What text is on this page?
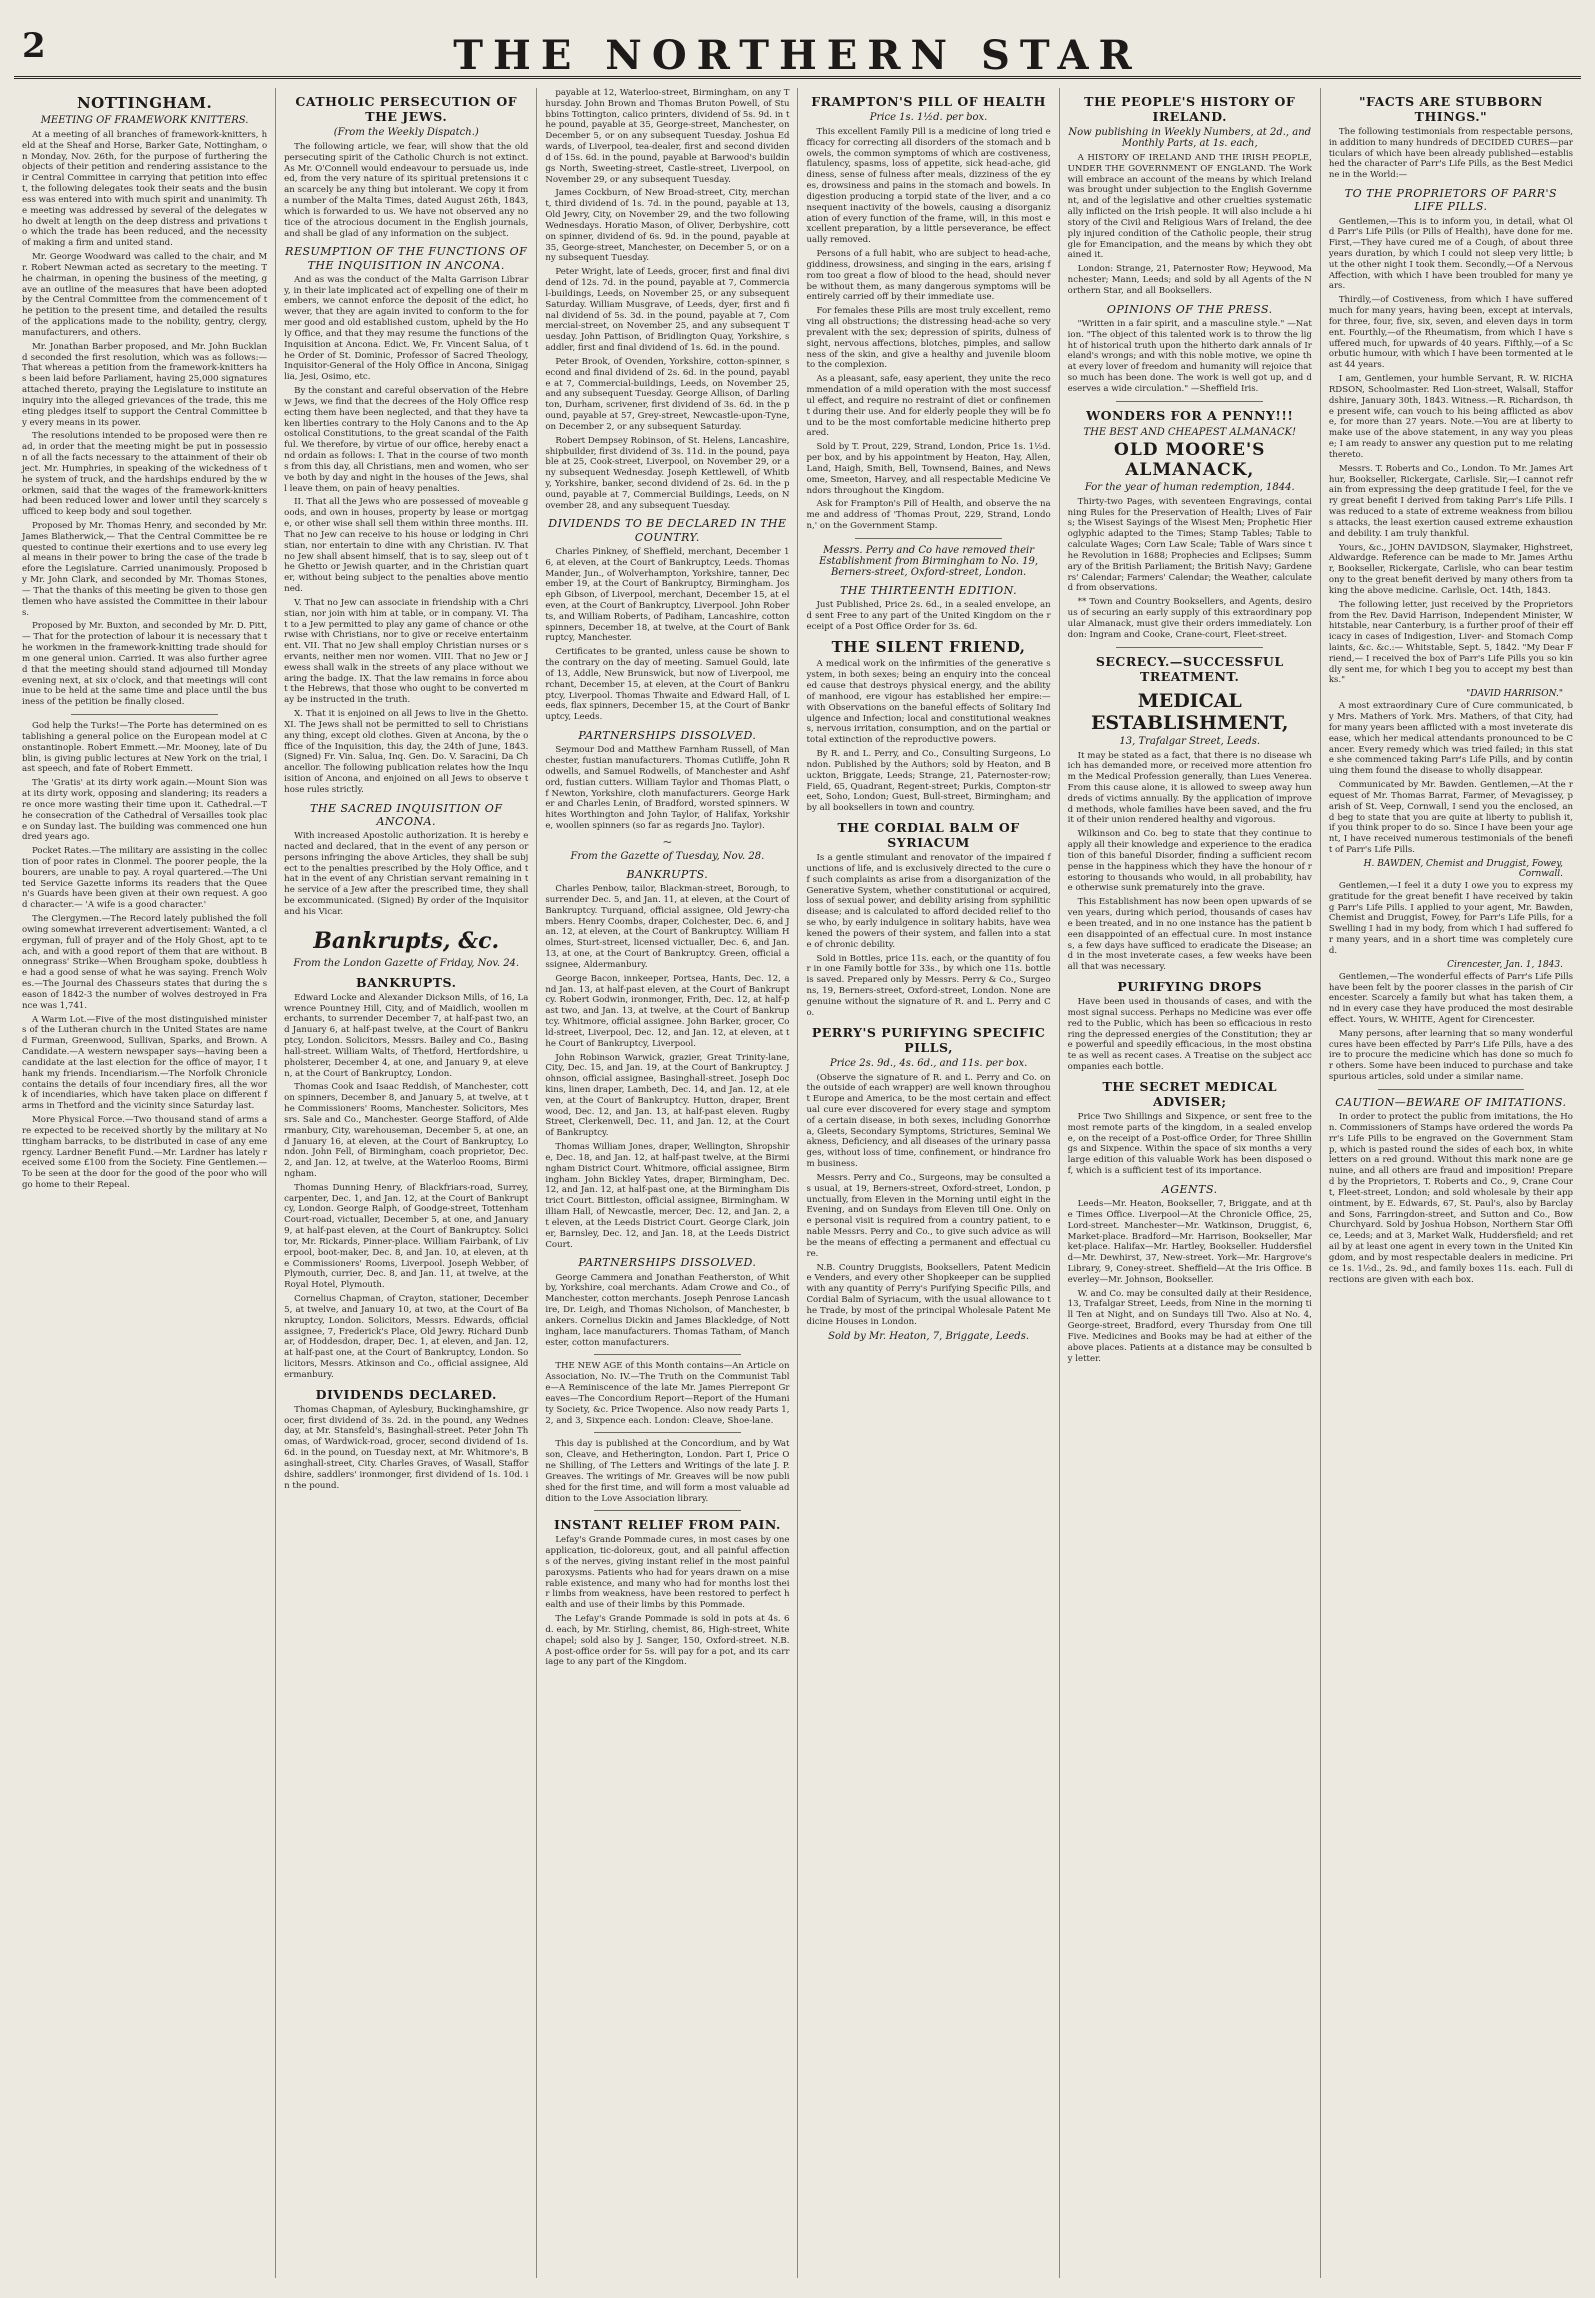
2	THE NORTHERN STAR
NOTTINGHAM.
MEETING OF FRAMEWORK KNITTERS.

At a meeting of all branches of framework-knitters, held at the Sheaf and Horse, Barker Gate, Nottingham, on Monday, Nov. 26th, for the purpose of furthering the objects of their petition and rendering assistance to their Central Committee in carrying that petition into effect, the following delegates took their seats and the business was entered into with much spirit and unanimity. The meeting was addressed by several of the delegates who dwelt at length on the deep distress and privations to which the trade has been reduced, and the necessity of making a firm and united stand.

Mr. George Woodward was called to the chair, and Mr. Robert Newman acted as secretary to the meeting. The chairman, in opening the business of the meeting, gave an outline of the measures that have been adopted by the Central Committee from the commencement of the petition to the present time, and detailed the results of the applications made to the nobility, gentry, clergy, manufacturers, and others.

Mr. Jonathan Barber proposed, and Mr. John Buckland seconded the first resolution, which was as follows:— That whereas a petition from the framework-knitters has been laid before Parliament, having 25,000 signatures attached thereto, praying the Legislature to institute an inquiry into the alleged grievances of the trade, this meeting pledges itself to support the Central Committee by every means in its power.

The resolutions intended to be proposed were then read, in order that the meeting might be put in possession of all the facts necessary to the attainment of their object. Mr. Humphries, in speaking of the wickedness of the system of truck, and the hardships endured by the workmen, said that the wages of the framework-knitters had been reduced lower and lower until they scarcely sufficed to keep body and soul together.

Proposed by Mr. Thomas Henry, and seconded by Mr. James Blatherwick,— That the Central Committee be requested to continue their exertions and to use every legal means in their power to bring the case of the trade before the Legislature. Carried unanimously. Proposed by Mr. John Clark, and seconded by Mr. Thomas Stones,— That the thanks of this meeting be given to those gentlemen who have assisted the Committee in their labours.

Proposed by Mr. Buxton, and seconded by Mr. D. Pitt,— That for the protection of labour it is necessary that the workmen in the framework-knitting trade should form one general union. Carried. It was also further agreed that the meeting should stand adjourned till Monday evening next, at six o'clock, and that meetings will continue to be held at the same time and place until the business of the petition be finally closed.

God help the Turks!—The Porte has determined on establishing a general police on the European model at Constantinople. Robert Emmett.—Mr. Mooney, late of Dublin, is giving public lectures at New York on the trial, last speech, and fate of Robert Emmett.

The 'Gratis' at its dirty work again.—Mount Sion was at its dirty work, opposing and slandering; its readers are once more wasting their time upon it. Cathedral.—The consecration of the Cathedral of Versailles took place on Sunday last. The building was commenced one hundred years ago.

Pocket Rates.—The military are assisting in the collection of poor rates in Clonmel. The poorer people, the labourers, are unable to pay. A royal quartered.—The United Service Gazette informs its readers that the Queen's Guards have been given at their own request. A good character.— 'A wife is a good character.'

The Clergymen.—The Record lately published the following somewhat irreverent advertisement: Wanted, a clergyman, full of prayer and of the Holy Ghost, apt to teach, and with a good report of them that are without. Bonnegrass' Strike—When Brougham spoke, doubtless he had a good sense of what he was saying. French Wolves.—The Journal des Chasseurs states that during the season of 1842-3 the number of wolves destroyed in France was 1,741.

A Warm Lot.—Five of the most distinguished ministers of the Lutheran church in the United States are named Furman, Greenwood, Sullivan, Sparks, and Brown. A Candidate.—A western newspaper says—having been a candidate at the last election for the office of mayor, I thank my friends. Incendiarism.—The Norfolk Chronicle contains the details of four incendiary fires, all the work of incendiaries, which have taken place on different farms in Thetford and the vicinity since Saturday last.

More Physical Force.—Two thousand stand of arms are expected to be received shortly by the military at Nottingham barracks, to be distributed in case of any emergency. Lardner Benefit Fund.—Mr. Lardner has lately received some £100 from the Society. Fine Gentlemen.—To be seen at the door for the good of the poor who will go home to their Repeal.

CATHOLIC PERSECUTION OF THE JEWS.
(From the Weekly Dispatch.)

The following article, we fear, will show that the old persecuting spirit of the Catholic Church is not extinct. As Mr. O'Connell would endeavour to persuade us, indeed, from the very nature of its spiritual pretensions it can scarcely be any thing but intolerant. We copy it from a number of the Malta Times, dated August 26th, 1843, which is forwarded to us. We have not observed any notice of the atrocious document in the English journals, and shall be glad of any information on the subject.

RESUMPTION OF THE FUNCTIONS OF THE INQUISITION IN ANCONA.

And as was the conduct of the Malta Garrison Library, in their late implicated act of expelling one of their members, we cannot enforce the deposit of the edict, however, that they are again invited to conform to the former good and old established custom, upheld by the Holy Office, and that they may resume the functions of the Inquisition at Ancona. Edict. We, Fr. Vincent Salua, of the Order of St. Dominic, Professor of Sacred Theology, Inquisitor-General of the Holy Office in Ancona, Sinigaglia, Jesi, Osimo, etc.

By the constant and careful observation of the Hebrew Jews, we find that the decrees of the Holy Office respecting them have been neglected, and that they have taken liberties contrary to the Holy Canons and to the Apostolical Constitutions, to the great scandal of the Faithful. We therefore, by virtue of our office, hereby enact and ordain as follows: I. That in the course of two months from this day, all Christians, men and women, who serve both by day and night in the houses of the Jews, shall leave them, on pain of heavy penalties.

II. That all the Jews who are possessed of moveable goods, and own in houses, property by lease or mortgage, or other wise shall sell them within three months. III. That no Jew can receive to his house or lodging in Christian, nor entertain to dine with any Christian. IV. That no Jew shall absent himself, that is to say, sleep out of the Ghetto or Jewish quarter, and in the Christian quarter, without being subject to the penalties above mentioned.

V. That no Jew can associate in friendship with a Christian, nor join with him at table, or in company. VI. That to a Jew permitted to play any game of chance or otherwise with Christians, nor to give or receive entertainment. VII. That no Jew shall employ Christian nurses or servants, neither men nor women. VIII. That no Jew or Jewess shall walk in the streets of any place without wearing the badge. IX. That the law remains in force about the Hebrews, that those who ought to be converted may be instructed in the truth.

X. That it is enjoined on all Jews to live in the Ghetto. XI. The Jews shall not be permitted to sell to Christians any thing, except old clothes. Given at Ancona, by the office of the Inquisition, this day, the 24th of June, 1843. (Signed) Fr. Vin. Salua, Inq. Gen. Do. V. Saracini, Da Chancellor. The following publication relates how the Inquisition of Ancona, and enjoined on all Jews to observe those rules strictly.

THE SACRED INQUISITION OF ANCONA.

With increased Apostolic authorization. It is hereby enacted and declared, that in the event of any person or persons infringing the above Articles, they shall be subject to the penalties prescribed by the Holy Office, and that in the event of any Christian servant remaining in the service of a Jew after the prescribed time, they shall be excommunicated. (Signed) By order of the Inquisitor and his Vicar.

Bankrupts, &c.
From the London Gazette of Friday, Nov. 24.
BANKRUPTS.

Edward Locke and Alexander Dickson Mills, of 16, Lawrence Pountney Hill, City, and of Maidlich, woollen merchants, to surrender December 7, at half-past two, and January 6, at half-past twelve, at the Court of Bankruptcy, London. Solicitors, Messrs. Bailey and Co., Basinghall-street. William Walts, of Thetford, Hertfordshire, upholsterer, December 4, at one, and January 9, at eleven, at the Court of Bankruptcy, London.

Thomas Cook and Isaac Reddish, of Manchester, cotton spinners, December 8, and January 5, at twelve, at the Commissioners' Rooms, Manchester. Solicitors, Messrs. Sale and Co., Manchester. George Stafford, of Aldermanbury, City, warehouseman, December 5, at one, and January 16, at eleven, at the Court of Bankruptcy, London. John Fell, of Birmingham, coach proprietor, Dec. 2, and Jan. 12, at twelve, at the Waterloo Rooms, Birmingham.

Thomas Dunning Henry, of Blackfriars-road, Surrey, carpenter, Dec. 1, and Jan. 12, at the Court of Bankruptcy, London. George Ralph, of Goodge-street, Tottenham Court-road, victualler, December 5, at one, and January 9, at half-past eleven, at the Court of Bankruptcy. Solicitor, Mr. Rickards, Pinner-place. William Fairbank, of Liverpool, boot-maker, Dec. 8, and Jan. 10, at eleven, at the Commissioners' Rooms, Liverpool. Joseph Webber, of Plymouth, currier, Dec. 8, and Jan. 11, at twelve, at the Royal Hotel, Plymouth.

Cornelius Chapman, of Crayton, stationer, December 5, at twelve, and January 10, at two, at the Court of Bankruptcy, London. Solicitors, Messrs. Edwards, official assignee, 7, Frederick's Place, Old Jewry. Richard Dunbar, of Hoddesdon, draper, Dec. 1, at eleven, and Jan. 12, at half-past one, at the Court of Bankruptcy, London. Solicitors, Messrs. Atkinson and Co., official assignee, Aldermanbury.

DIVIDENDS DECLARED.

Thomas Chapman, of Aylesbury, Buckinghamshire, grocer, first dividend of 3s. 2d. in the pound, any Wednesday, at Mr. Stansfeld's, Basinghall-street. Peter John Thomas, of Wardwick-road, grocer, second dividend of 1s. 6d. in the pound, on Tuesday next, at Mr. Whitmore's, Basinghall-street, City. Charles Graves, of Wasall, Staffordshire, saddlers' ironmonger, first dividend of 1s. 10d. in the pound.

payable at 12, Waterloo-street, Birmingham, on any Thursday. John Brown and Thomas Bruton Powell, of Stubbins Tottington, calico printers, dividend of 5s. 9d. in the pound, payable at 35, George-street, Manchester, on December 5, or on any subsequent Tuesday. Joshua Edwards, of Liverpool, tea-dealer, first and second dividend of 15s. 6d. in the pound, payable at Barwood's buildings North, Sweeting-street, Castle-street, Liverpool, on November 29, or any subsequent Tuesday.

James Cockburn, of New Broad-street, City, merchant, third dividend of 1s. 7d. in the pound, payable at 13, Old Jewry, City, on November 29, and the two following Wednesdays. Horatio Mason, of Oliver, Derbyshire, cotton spinner, dividend of 6s. 9d. in the pound, payable at 35, George-street, Manchester, on December 5, or on any subsequent Tuesday.

Peter Wright, late of Leeds, grocer, first and final dividend of 12s. 7d. in the pound, payable at 7, Commercial-buildings, Leeds, on November 25, or any subsequent Saturday. William Musgrave, of Leeds, dyer, first and final dividend of 5s. 3d. in the pound, payable at 7, Commercial-street, on November 25, and any subsequent Tuesday. John Pattison, of Bridlington Quay, Yorkshire, saddler, first and final dividend of 1s. 6d. in the pound.

Peter Brook, of Ovenden, Yorkshire, cotton-spinner, second and final dividend of 2s. 6d. in the pound, payable at 7, Commercial-buildings, Leeds, on November 25, and any subsequent Tuesday. George Allison, of Darlington, Durham, scrivener, first dividend of 3s. 6d. in the pound, payable at 57, Grey-street, Newcastle-upon-Tyne, on December 2, or any subsequent Saturday.

Robert Dempsey Robinson, of St. Helens, Lancashire, shipbuilder, first dividend of 3s. 11d. in the pound, payable at 25, Cook-street, Liverpool, on November 29, or any subsequent Wednesday. Joseph Kettlewell, of Whitby, Yorkshire, banker, second dividend of 2s. 6d. in the pound, payable at 7, Commercial Buildings, Leeds, on November 28, and any subsequent Tuesday.

DIVIDENDS TO BE DECLARED IN THE COUNTRY.

Charles Pinkney, of Sheffield, merchant, December 16, at eleven, at the Court of Bankruptcy, Leeds. Thomas Mander, Jun., of Wolverhampton, Yorkshire, tanner, December 19, at the Court of Bankruptcy, Birmingham. Joseph Gibson, of Liverpool, merchant, December 15, at eleven, at the Court of Bankruptcy, Liverpool. John Roberts, and William Roberts, of Padiham, Lancashire, cotton spinners, December 18, at twelve, at the Court of Bankruptcy, Manchester.

Certificates to be granted, unless cause be shown to the contrary on the day of meeting. Samuel Gould, late of 13, Addle, New Brunswick, but now of Liverpool, merchant, December 15, at eleven, at the Court of Bankruptcy, Liverpool. Thomas Thwaite and Edward Hall, of Leeds, flax spinners, December 15, at the Court of Bankruptcy, Leeds.

PARTNERSHIPS DISSOLVED.

Seymour Dod and Matthew Farnham Russell, of Manchester, fustian manufacturers. Thomas Cutliffe, John Rodwells, and Samuel Rodwells, of Manchester and Ashford, fustian cutters. William Taylor and Thomas Platt, of Newton, Yorkshire, cloth manufacturers. George Harker and Charles Lenin, of Bradford, worsted spinners. Whites Worthington and John Taylor, of Halifax, Yorkshire, woollen spinners (so far as regards Jno. Taylor).

~
From the Gazette of Tuesday, Nov. 28.
BANKRUPTS.

Charles Penbow, tailor, Blackman-street, Borough, to surrender Dec. 5, and Jan. 11, at eleven, at the Court of Bankruptcy. Turquand, official assignee, Old Jewry-chambers. Henry Coombs, draper, Colchester, Dec. 6, and Jan. 12, at eleven, at the Court of Bankruptcy. William Holmes, Sturt-street, licensed victualler, Dec. 6, and Jan. 13, at one, at the Court of Bankruptcy. Green, official assignee, Aldermanbury.

George Bacon, innkeeper, Portsea, Hants, Dec. 12, and Jan. 13, at half-past eleven, at the Court of Bankruptcy. Robert Godwin, ironmonger, Frith, Dec. 12, at half-past two, and Jan. 13, at twelve, at the Court of Bankruptcy. Whitmore, official assignee. John Barker, grocer, Cold-street, Liverpool, Dec. 12, and Jan. 12, at eleven, at the Court of Bankruptcy, Liverpool.

John Robinson Warwick, grazier, Great Trinity-lane, City, Dec. 15, and Jan. 19, at the Court of Bankruptcy. Johnson, official assignee, Basinghall-street. Joseph Dockins, linen draper, Lambeth, Dec. 14, and Jan. 12, at eleven, at the Court of Bankruptcy. Hutton, draper, Brentwood, Dec. 12, and Jan. 13, at half-past eleven. Rugby Street, Clerkenwell, Dec. 11, and Jan. 12, at the Court of Bankruptcy.

Thomas William Jones, draper, Wellington, Shropshire, Dec. 18, and Jan. 12, at half-past twelve, at the Birmingham District Court. Whitmore, official assignee, Birmingham. John Bickley Yates, draper, Birmingham, Dec. 12, and Jan. 12, at half-past one, at the Birmingham District Court. Bittleston, official assignee, Birmingham. William Hall, of Newcastle, mercer, Dec. 12, and Jan. 2, at eleven, at the Leeds District Court. George Clark, joiner, Barnsley, Dec. 12, and Jan. 18, at the Leeds District Court.

PARTNERSHIPS DISSOLVED.

George Cammera and Jonathan Featherston, of Whitby, Yorkshire, coal merchants. Adam Crowe and Co., of Manchester, cotton merchants. Joseph Penrose Lancashire, Dr. Leigh, and Thomas Nicholson, of Manchester, bankers. Cornelius Dickin and James Blackledge, of Nottingham, lace manufacturers. Thomas Tatham, of Manchester, cotton manufacturers.

THE NEW AGE of this Month contains—An Article on Association, No. IV.—The Truth on the Communist Table—A Reminiscence of the late Mr. James Pierrepont Greaves—The Concordium Report—Report of the Humanity Society, &c. Price Twopence. Also now ready Parts 1, 2, and 3, Sixpence each. London: Cleave, Shoe-lane.

This day is published at the Concordium, and by Watson, Cleave, and Hetherington, London. Part I, Price One Shilling, of The Letters and Writings of the late J. P. Greaves. The writings of Mr. Greaves will be now published for the first time, and will form a most valuable addition to the Love Association library.

INSTANT RELIEF FROM PAIN.

Lefay's Grande Pommade cures, in most cases by one application, tic-doloreux, gout, and all painful affections of the nerves, giving instant relief in the most painful paroxysms. Patients who had for years drawn on a miserable existence, and many who had for months lost their limbs from weakness, have been restored to perfect health and use of their limbs by this Pommade.

The Lefay's Grande Pommade is sold in pots at 4s. 6d. each, by Mr. Stirling, chemist, 86, High-street, Whitechapel; sold also by J. Sanger, 150, Oxford-street. N.B. A post-office order for 5s. will pay for a pot, and its carriage to any part of the Kingdom.

FRAMPTON'S PILL OF HEALTH
Price 1s. 1½d. per box.

This excellent Family Pill is a medicine of long tried efficacy for correcting all disorders of the stomach and bowels, the common symptoms of which are costiveness, flatulency, spasms, loss of appetite, sick head-ache, giddiness, sense of fulness after meals, dizziness of the eyes, drowsiness and pains in the stomach and bowels. Indigestion producing a torpid state of the liver, and a consequent inactivity of the bowels, causing a disorganization of every function of the frame, will, in this most excellent preparation, by a little perseverance, be effectually removed.

Persons of a full habit, who are subject to head-ache, giddiness, drowsiness, and singing in the ears, arising from too great a flow of blood to the head, should never be without them, as many dangerous symptoms will be entirely carried off by their immediate use.

For females these Pills are most truly excellent, removing all obstructions; the distressing head-ache so very prevalent with the sex; depression of spirits, dulness of sight, nervous affections, blotches, pimples, and sallowness of the skin, and give a healthy and juvenile bloom to the complexion.

As a pleasant, safe, easy aperient, they unite the recommendation of a mild operation with the most successful effect, and require no restraint of diet or confinement during their use. And for elderly people they will be found to be the most comfortable medicine hitherto prepared.

Sold by T. Prout, 229, Strand, London, Price 1s. 1½d. per box, and by his appointment by Heaton, Hay, Allen, Land, Haigh, Smith, Bell, Townsend, Baines, and Newsome, Smeeton, Harvey, and all respectable Medicine Vendors throughout the Kingdom.

Ask for Frampton's Pill of Health, and observe the name and address of 'Thomas Prout, 229, Strand, London,' on the Government Stamp.

Messrs. Perry and Co have removed their Establishment from Birmingham to No. 19, Berners-street, Oxford-street, London.
THE THIRTEENTH EDITION.

Just Published, Price 2s. 6d., in a sealed envelope, and sent Free to any part of the United Kingdom on the receipt of a Post Office Order for 3s. 6d.

THE SILENT FRIEND,

A medical work on the infirmities of the generative system, in both sexes; being an enquiry into the concealed cause that destroys physical energy, and the ability of manhood, ere vigour has established her empire:— with Observations on the baneful effects of Solitary Indulgence and Infection; local and constitutional weakness, nervous irritation, consumption, and on the partial or total extinction of the reproductive powers.

By R. and L. Perry, and Co., Consulting Surgeons, London. Published by the Authors; sold by Heaton, and Buckton, Briggate, Leeds; Strange, 21, Paternoster-row; Field, 65, Quadrant, Regent-street; Purkis, Compton-street, Soho, London; Guest, Bull-street, Birmingham; and by all booksellers in town and country.

THE CORDIAL BALM OF SYRIACUM

Is a gentle stimulant and renovator of the impaired functions of life, and is exclusively directed to the cure of such complaints as arise from a disorganization of the Generative System, whether constitutional or acquired, loss of sexual power, and debility arising from syphilitic disease; and is calculated to afford decided relief to those who, by early indulgence in solitary habits, have weakened the powers of their system, and fallen into a state of chronic debility.

Sold in Bottles, price 11s. each, or the quantity of four in one Family bottle for 33s., by which one 11s. bottle is saved. Prepared only by Messrs. Perry & Co., Surgeons, 19, Berners-street, Oxford-street, London. None are genuine without the signature of R. and L. Perry and Co.

PERRY'S PURIFYING SPECIFIC PILLS,
Price 2s. 9d., 4s. 6d., and 11s. per box.

(Observe the signature of R. and L. Perry and Co. on the outside of each wrapper) are well known throughout Europe and America, to be the most certain and effectual cure ever discovered for every stage and symptom of a certain disease, in both sexes, including Gonorrhœa, Gleets, Secondary Symptoms, Strictures, Seminal Weakness, Deficiency, and all diseases of the urinary passages, without loss of time, confinement, or hindrance from business.

Messrs. Perry and Co., Surgeons, may be consulted as usual, at 19, Berners-street, Oxford-street, London, punctually, from Eleven in the Morning until eight in the Evening, and on Sundays from Eleven till One. Only one personal visit is required from a country patient, to enable Messrs. Perry and Co., to give such advice as will be the means of effecting a permanent and effectual cure.

N.B. Country Druggists, Booksellers, Patent Medicine Venders, and every other Shopkeeper can be supplied with any quantity of Perry's Purifying Specific Pills, and Cordial Balm of Syriacum, with the usual allowance to the Trade, by most of the principal Wholesale Patent Medicine Houses in London.

Sold by Mr. Heaton, 7, Briggate, Leeds.
THE PEOPLE'S HISTORY OF IRELAND.
Now publishing in Weekly Numbers, at 2d., and Monthly Parts, at 1s. each,

A HISTORY OF IRELAND AND THE IRISH PEOPLE, UNDER THE GOVERNMENT OF ENGLAND. The Work will embrace an account of the means by which Ireland was brought under subjection to the English Government, and of the legislative and other cruelties systematically inflicted on the Irish people. It will also include a history of the Civil and Religious Wars of Ireland, the deeply injured condition of the Catholic people, their struggle for Emancipation, and the means by which they obtained it.

London: Strange, 21, Paternoster Row; Heywood, Manchester; Mann, Leeds; and sold by all Agents of the Northern Star, and all Booksellers.

OPINIONS OF THE PRESS.

"Written in a fair spirit, and a masculine style." —Nation. "The object of this talented work is to throw the light of historical truth upon the hitherto dark annals of Ireland's wrongs; and with this noble motive, we opine that every lover of freedom and humanity will rejoice that so much has been done. The work is well got up, and deserves a wide circulation." —Sheffield Iris.

WONDERS FOR A PENNY!!!
THE BEST AND CHEAPEST ALMANACK!
OLD MOORE'S ALMANACK,
For the year of human redemption, 1844.

Thirty-two Pages, with seventeen Engravings, containing Rules for the Preservation of Health; Lives of Fairs; the Wisest Sayings of the Wisest Men; Prophetic Hieroglyphic adapted to the Times; Stamp Tables; Table to calculate Wages; Corn Law Scale; Table of Wars since the Revolution in 1688; Prophecies and Eclipses; Summary of the British Parliament; the British Navy; Gardeners' Calendar; Farmers' Calendar; the Weather, calculated from observations.

** Town and Country Booksellers, and Agents, desirous of securing an early supply of this extraordinary popular Almanack, must give their orders immediately. London: Ingram and Cooke, Crane-court, Fleet-street.

SECRECY.—SUCCESSFUL TREATMENT.
MEDICAL ESTABLISHMENT,
13, Trafalgar Street, Leeds.

It may be stated as a fact, that there is no disease which has demanded more, or received more attention from the Medical Profession generally, than Lues Venerea. From this cause alone, it is allowed to sweep away hundreds of victims annually. By the application of improved methods, whole families have been saved, and the fruit of their union rendered healthy and vigorous.

Wilkinson and Co. beg to state that they continue to apply all their knowledge and experience to the eradication of this baneful Disorder, finding a sufficient recompense in the happiness which they have the honour of restoring to thousands who would, in all probability, have otherwise sunk prematurely into the grave.

This Establishment has now been open upwards of seven years, during which period, thousands of cases have been treated, and in no one instance has the patient been disappointed of an effectual cure. In most instances, a few days have sufficed to eradicate the Disease; and in the most inveterate cases, a few weeks have been all that was necessary.

PURIFYING DROPS

Have been used in thousands of cases, and with the most signal success. Perhaps no Medicine was ever offered to the Public, which has been so efficacious in restoring the depressed energies of the Constitution; they are powerful and speedily efficacious, in the most obstinate as well as recent cases. A Treatise on the subject accompanies each bottle.

THE SECRET MEDICAL ADVISER;

Price Two Shillings and Sixpence, or sent free to the most remote parts of the kingdom, in a sealed envelope, on the receipt of a Post-office Order, for Three Shillings and Sixpence. Within the space of six months a very large edition of this valuable Work has been disposed of, which is a sufficient test of its importance.

AGENTS.

Leeds—Mr. Heaton, Bookseller, 7, Briggate, and at the Times Office. Liverpool—At the Chronicle Office, 25, Lord-street. Manchester—Mr. Watkinson, Druggist, 6, Market-place. Bradford—Mr. Harrison, Bookseller, Market-place. Halifax—Mr. Hartley, Bookseller. Huddersfield—Mr. Dewhirst, 37, New-street. York—Mr. Hargrove's Library, 9, Coney-street. Sheffield—At the Iris Office. Beverley—Mr. Johnson, Bookseller.

W. and Co. may be consulted daily at their Residence, 13, Trafalgar Street, Leeds, from Nine in the morning till Ten at Night, and on Sundays till Two. Also at No. 4, George-street, Bradford, every Thursday from One till Five. Medicines and Books may be had at either of the above places. Patients at a distance may be consulted by letter.

"FACTS ARE STUBBORN THINGS."

The following testimonials from respectable persons, in addition to many hundreds of DECIDED CURES—particulars of which have been already published—established the character of Parr's Life Pills, as the Best Medicine in the World:—

TO THE PROPRIETORS OF PARR'S LIFE PILLS.

Gentlemen,—This is to inform you, in detail, what Old Parr's Life Pills (or Pills of Health), have done for me. First,—They have cured me of a Cough, of about three years duration, by which I could not sleep very little; but the other night I took them. Secondly,—Of a Nervous Affection, with which I have been troubled for many years.

Thirdly,—of Costiveness, from which I have suffered much for many years, having been, except at intervals, for three, four, five, six, seven, and eleven days in torment. Fourthly,—of the Rheumatism, from which I have suffered much, for upwards of 40 years. Fifthly,—of a Scorbutic humour, with which I have been tormented at least 44 years.

I am, Gentlemen, your humble Servant, R. W. RICHARDSON, Schoolmaster. Red Lion-street, Walsall, Staffordshire, January 30th, 1843. Witness.—R. Richardson, the present wife, can vouch to his being afflicted as above, for more than 27 years. Note.—You are at liberty to make use of the above statement, in any way you please; I am ready to answer any question put to me relating thereto.

Messrs. T. Roberts and Co., London. To Mr. James Arthur, Bookseller, Rickergate, Carlisle. Sir,—I cannot refrain from expressing the deep gratitude I feel, for the very great benefit I derived from taking Parr's Life Pills. I was reduced to a state of extreme weakness from bilious attacks, the least exertion caused extreme exhaustion and debility. I am truly thankful.

Yours, &c., JOHN DAVIDSON, Slaymaker, Highstreet, Aldwardge. Reference can be made to Mr. James Arthur, Bookseller, Rickergate, Carlisle, who can bear testimony to the great benefit derived by many others from taking the above medicine. Carlisle, Oct. 14th, 1843.

The following letter, just received by the Proprietors from the Rev. David Harrison, Independent Minister, Whitstable, near Canterbury, is a further proof of their efficacy in cases of Indigestion, Liver- and Stomach Complaints, &c. &c.:— Whitstable, Sept. 5, 1842. "My Dear Friend,— I received the box of Parr's Life Pills you so kindly sent me, for which I beg you to accept my best thanks."

"DAVID HARRISON."

A most extraordinary Cure of Cure communicated, by Mrs. Mathers of York. Mrs. Mathers, of that City, had for many years been afflicted with a most inveterate disease, which her medical attendants pronounced to be Cancer. Every remedy which was tried failed; in this state she commenced taking Parr's Life Pills, and by continuing them found the disease to wholly disappear.

Communicated by Mr. Bawden. Gentlemen,—At the request of Mr. Thomas Barrat, Farmer, of Mevagissey, parish of St. Veep, Cornwall, I send you the enclosed, and beg to state that you are quite at liberty to publish it, if you think proper to do so. Since I have been your agent, I have received numerous testimonials of the benefit of Parr's Life Pills.

H. BAWDEN, Chemist and Druggist, Fowey, Cornwall.

Gentlemen,—I feel it a duty I owe you to express my gratitude for the great benefit I have received by taking Parr's Life Pills. I applied to your agent, Mr. Bawden, Chemist and Druggist, Fowey, for Parr's Life Pills, for a Swelling I had in my body, from which I had suffered for many years, and in a short time was completely cured.

Cirencester, Jan. 1, 1843.

Gentlemen,—The wonderful effects of Parr's Life Pills have been felt by the poorer classes in the parish of Cirencester. Scarcely a family but what has taken them, and in every case they have produced the most desirable effect. Yours, W. WHITE, Agent for Cirencester.

Many persons, after learning that so many wonderful cures have been effected by Parr's Life Pills, have a desire to procure the medicine which has done so much for others. Some have been induced to purchase and take spurious articles, sold under a similar name.

CAUTION—BEWARE OF IMITATIONS.

In order to protect the public from imitations, the Hon. Commissioners of Stamps have ordered the words Parr's Life Pills to be engraved on the Government Stamp, which is pasted round the sides of each box, in white letters on a red ground. Without this mark none are genuine, and all others are fraud and imposition! Prepared by the Proprietors, T. Roberts and Co., 9, Crane Court, Fleet-street, London; and sold wholesale by their appointment, by E. Edwards, 67, St. Paul's, also by Barclay and Sons, Farringdon-street, and Sutton and Co., Bow Churchyard. Sold by Joshua Hobson, Northern Star Office, Leeds; and at 3, Market Walk, Huddersfield; and retail by at least one agent in every town in the United Kingdom, and by most respectable dealers in medicine. Price 1s. 1½d., 2s. 9d., and family boxes 11s. each. Full directions are given with each box.
